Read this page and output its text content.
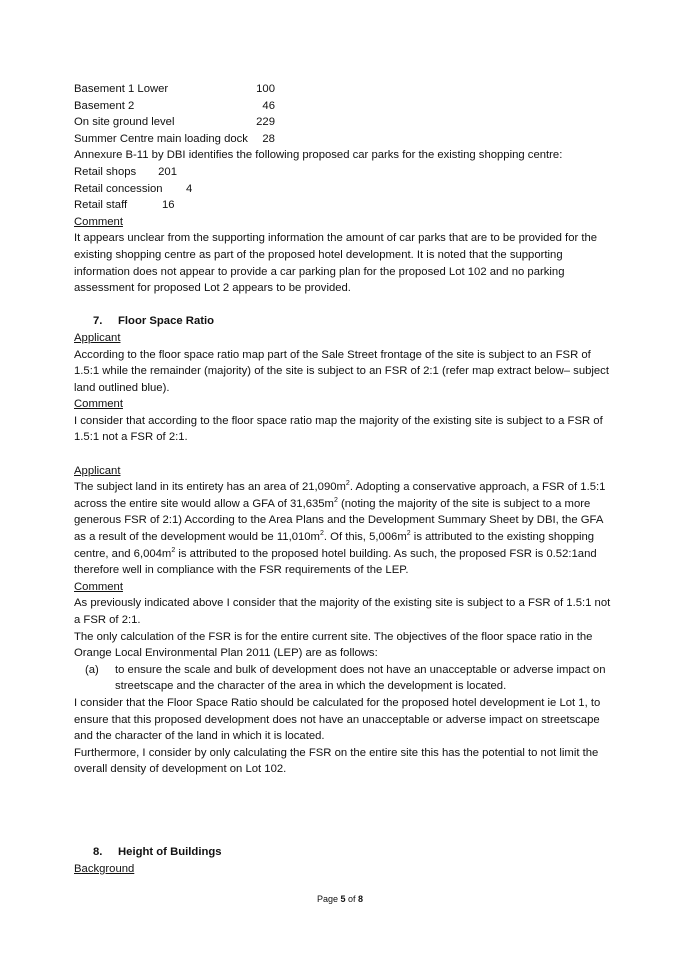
Basement 1 Lower	100
Basement 2	46
On site ground level	229
Summer Centre main loading dock	28

Annexure B-11 by DBI identifies the following proposed car parks for the existing shopping centre:

Retail shops	201
Retail concession	4
Retail staff	16

Comment

It appears unclear from the supporting information the amount of car parks that are to be provided for the existing shopping centre as part of the proposed hotel development. It is noted that the supporting information does not appear to provide a car parking plan for the proposed Lot 102 and no parking assessment for proposed Lot 2 appears to be provided.

7.	Floor Space Ratio

Applicant

According to the floor space ratio map part of the Sale Street frontage of the site is subject to an FSR of 1.5:1 while the remainder (majority) of the site is subject to an FSR of 2:1 (refer map extract below– subject land outlined blue).

Comment

I consider that according to the floor space ratio map the majority of the existing site is subject to a FSR of 1.5:1 not a FSR of 2:1.

Applicant

The subject land in its entirety has an area of $21,090m^2$. Adopting a conservative approach, a FSR of 1.5:1 across the entire site would allow a GFA of $31,635m^2$ (noting the majority of the site is subject to a more generous FSR of 2:1) According to the Area Plans and the Development Summary Sheet by DBI, the GFA as a result of the development would be $11,010m^2$. Of this, $5,006m^2$ is attributed to the existing shopping centre, and $6,004m^2$ is attributed to the proposed hotel building. As such, the proposed FSR is 0.52:1and therefore well in compliance with the FSR requirements of the LEP.

Comment

As previously indicated above I consider that the majority of the existing site is subject to a FSR of 1.5:1 not a FSR of 2:1.

The only calculation of the FSR is for the entire current site. The objectives of the floor space ratio in the Orange Local Environmental Plan 2011 (LEP) are as follows:

(a)	to ensure the scale and bulk of development does not have an unacceptable or adverse impact on streetscape and the character of the area in which the development is located.

I consider that the Floor Space Ratio should be calculated for the proposed hotel development ie Lot 1, to ensure that this proposed development does not have an unacceptable or adverse impact on streetscape and the character of the land in which it is located.

Furthermore, I consider by only calculating the FSR on the entire site this has the potential to not limit the overall density of development on Lot 102.

8.	Height of Buildings

Background

Page 5 of 8
